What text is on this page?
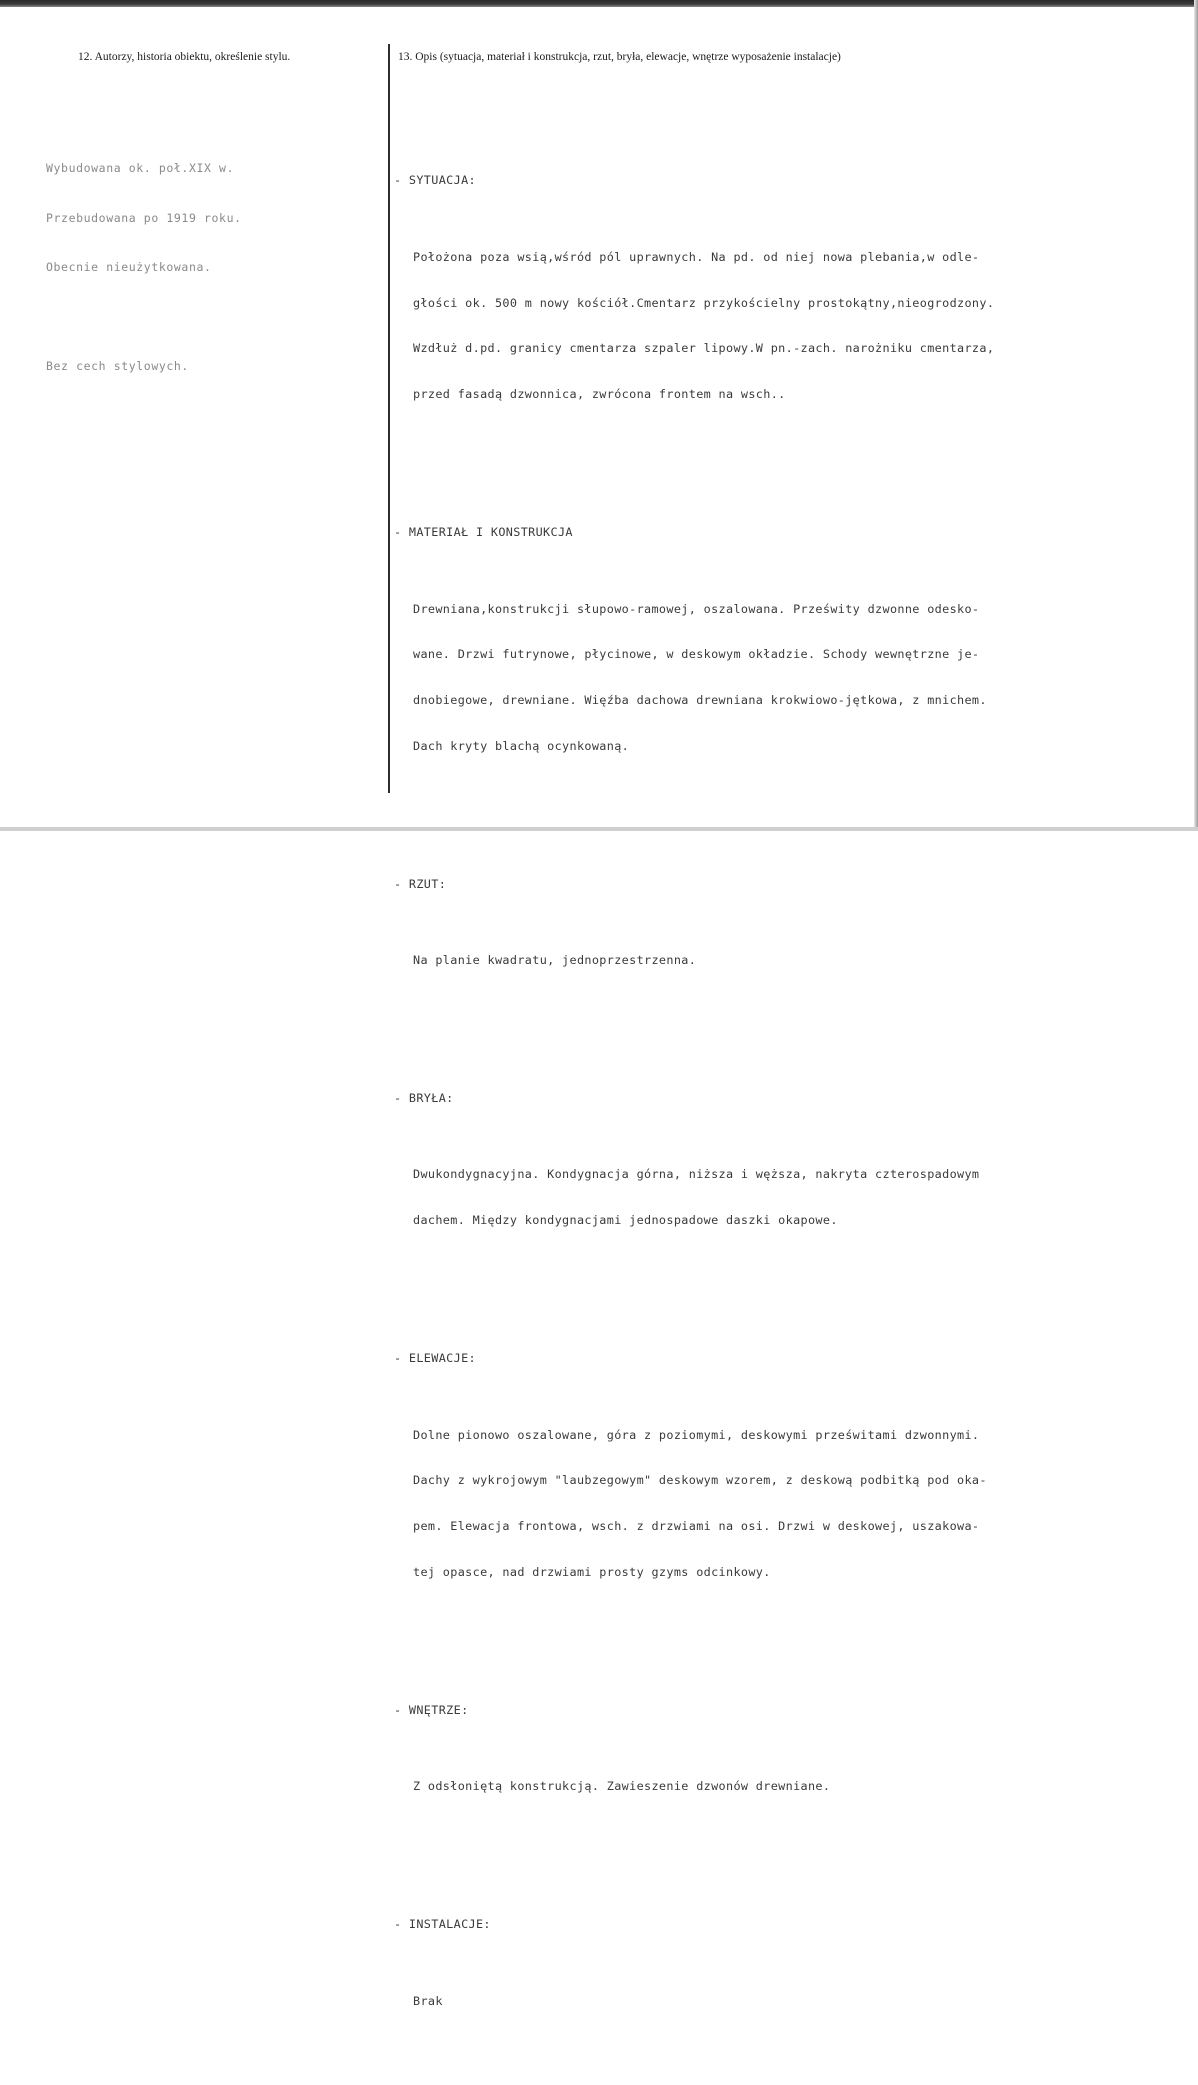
12. Autorzy, historia obiektu, określenie stylu.	13. Opis (sytuacja, materiał i konstrukcja, rzut, bryła, elewacje, wnętrze wyposażenie instalacje)

Wybudowana ok. poł.XIX w.

Przebudowana po 1919 roku.

Obecnie nieużytkowana.

Bez cech stylowych.

- SYTUACJA:

Położona poza wsią,wśród pól uprawnych. Na pd. od niej nowa plebania,w odle-

głości ok. 500 m nowy kościół.Cmentarz przykościelny prostokątny,nieogrodzony.

Wzdłuż d.pd. granicy cmentarza szpaler lipowy.W pn.-zach. narożniku cmentarza,

przed fasadą dzwonnica, zwrócona frontem na wsch..

- MATERIAŁ I KONSTRUKCJA

Drewniana,konstrukcji słupowo-ramowej, oszalowana. Prześwity dzwonne odesko-

wane. Drzwi futrynowe, płycinowe, w deskowym okładzie. Schody wewnętrzne je-

dnobiegowe, drewniane. Więźba dachowa drewniana krokwiowo-jętkowa, z mnichem.

Dach kryty blachą ocynkowaną.

- RZUT:

Na planie kwadratu, jednoprzestrzenna.

- BRYŁA:

Dwukondygnacyjna. Kondygnacja górna, niższa i węższa, nakryta czterospadowym

dachem. Między kondygnacjami jednospadowe daszki okapowe.

- ELEWACJE:

Dolne pionowo oszalowane, góra z poziomymi, deskowymi prześwitami dzwonnymi.

Dachy z wykrojowym "laubzegowym" deskowym wzorem, z deskową podbitką pod oka-

pem. Elewacja frontowa, wsch. z drzwiami na osi. Drzwi w deskowej, uszakowa-

tej opasce, nad drzwiami prosty gzyms odcinkowy.

- WNĘTRZE:

Z odsłoniętą konstrukcją. Zawieszenie dzwonów drewniane.

- INSTALACJE:

Brak
